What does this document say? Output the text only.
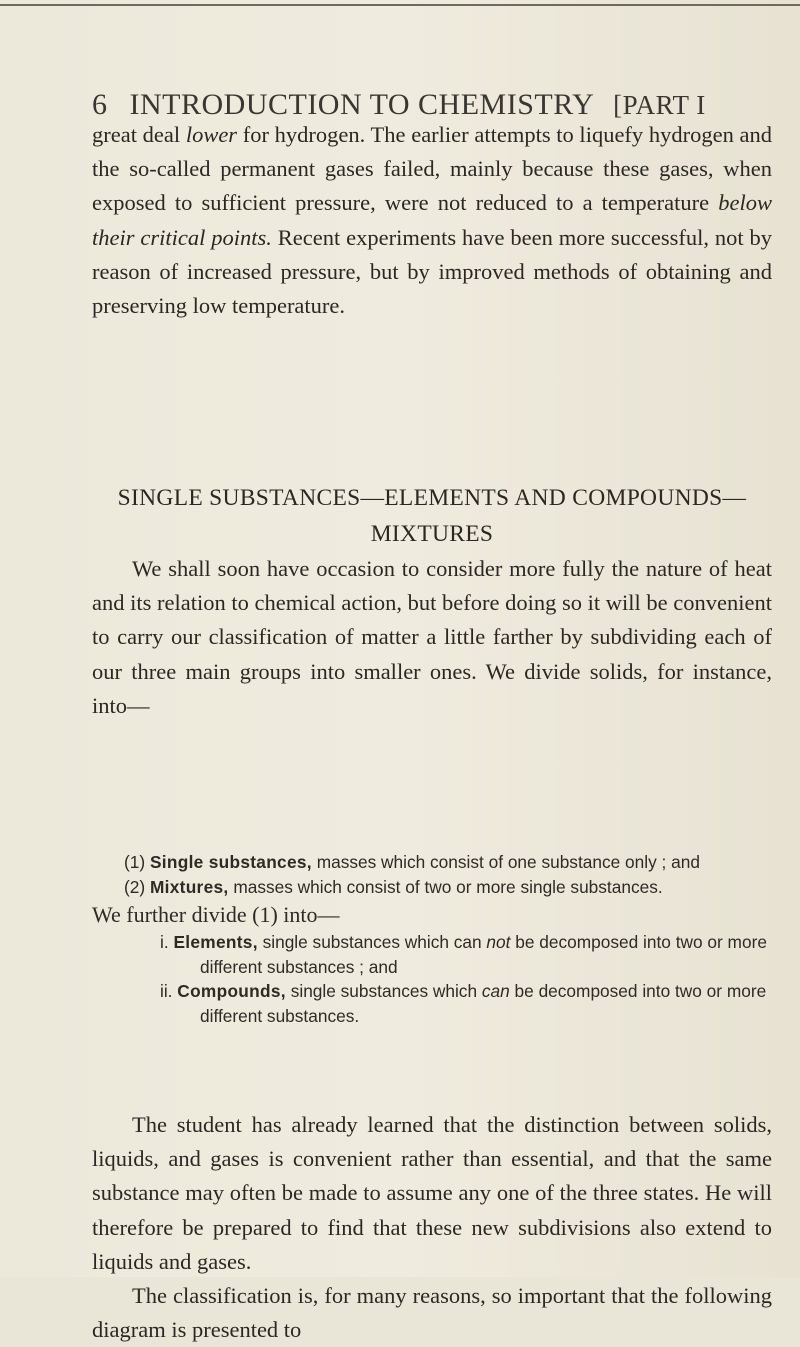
6 INTRODUCTION TO CHEMISTRY [PART I

great deal lower for hydrogen. The earlier attempts to liquefy hydrogen and the so-called permanent gases failed, mainly because these gases, when exposed to sufficient pressure, were not reduced to a temperature below their critical points. Recent experiments have been more successful, not by reason of increased pressure, but by improved methods of obtaining and preserving low temperature.

SINGLE SUBSTANCES—ELEMENTS AND COMPOUNDS—MIXTURES

We shall soon have occasion to consider more fully the nature of heat and its relation to chemical action, but before doing so it will be convenient to carry our classification of matter a little farther by subdividing each of our three main groups into smaller ones. We divide solids, for instance, into—

(1) Single substances, masses which consist of one substance only ; and
(2) Mixtures, masses which consist of two or more single substances.
We further divide (1) into—
i. Elements, single substances which can not be decomposed into two or more different substances ; and
ii. Compounds, single substances which can be decomposed into two or more different substances.

The student has already learned that the distinction between solids, liquids, and gases is convenient rather than essential, and that the same substance may often be made to assume any one of the three states. He will therefore be prepared to find that these new subdivisions also extend to liquids and gases.

The classification is, for many reasons, so important that the following diagram is presented to
